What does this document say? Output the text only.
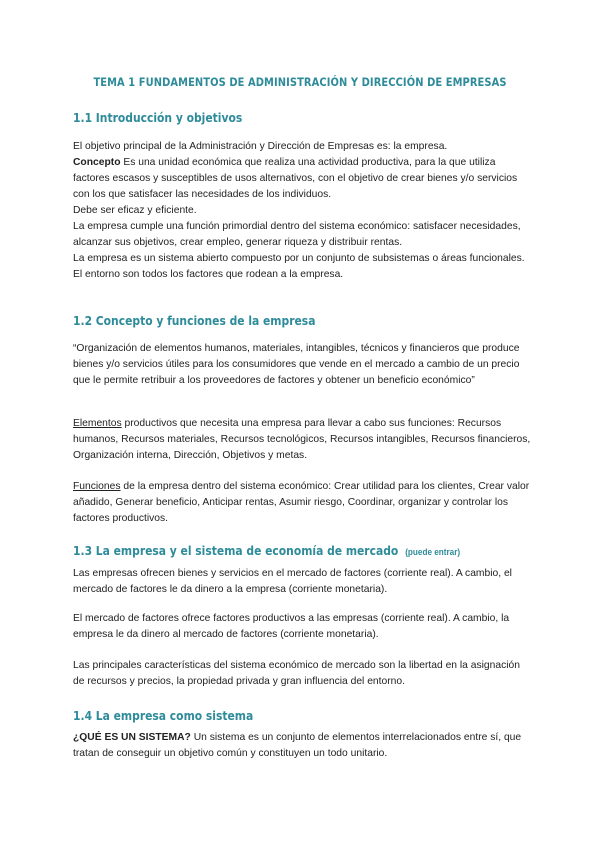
TEMA 1 FUNDAMENTOS DE ADMINISTRACIÓN Y DIRECCIÓN DE EMPRESAS
1.1 Introducción y objetivos

El objetivo principal de la Administración y Dirección de Empresas es: la empresa.

Concepto Es una unidad económica que realiza una actividad productiva, para la que utiliza factores escasos y susceptibles de usos alternativos, con el objetivo de crear bienes y/o servicios con los que satisfacer las necesidades de los individuos.

Debe ser eficaz y eficiente.

La empresa cumple una función primordial dentro del sistema económico: satisfacer necesidades, alcanzar sus objetivos, crear empleo, generar riqueza y distribuir rentas.

La empresa es un sistema abierto compuesto por un conjunto de subsistemas o áreas funcionales.

El entorno son todos los factores que rodean a la empresa.

1.2 Concepto y funciones de la empresa

“Organización de elementos humanos, materiales, intangibles, técnicos y financieros que produce bienes y/o servicios útiles para los consumidores que vende en el mercado a cambio de un precio que le permite retribuir a los proveedores de factores y obtener un beneficio económico”

Elementos productivos que necesita una empresa para llevar a cabo sus funciones: Recursos humanos, Recursos materiales, Recursos tecnológicos, Recursos intangibles, Recursos financieros, Organización interna, Dirección, Objetivos y metas.

Funciones de la empresa dentro del sistema económico: Crear utilidad para los clientes, Crear valor añadido, Generar beneficio, Anticipar rentas, Asumir riesgo, Coordinar, organizar y controlar los factores productivos.

1.3 La empresa y el sistema de economía de mercado (puede entrar)

Las empresas ofrecen bienes y servicios en el mercado de factores (corriente real). A cambio, el mercado de factores le da dinero a la empresa (corriente monetaria).

El mercado de factores ofrece factores productivos a las empresas (corriente real). A cambio, la empresa le da dinero al mercado de factores (corriente monetaria).

Las principales características del sistema económico de mercado son la libertad en la asignación de recursos y precios, la propiedad privada y gran influencia del entorno.

1.4 La empresa como sistema

¿QUÉ ES UN SISTEMA? Un sistema es un conjunto de elementos interrelacionados entre sí, que tratan de conseguir un objetivo común y constituyen un todo unitario.
